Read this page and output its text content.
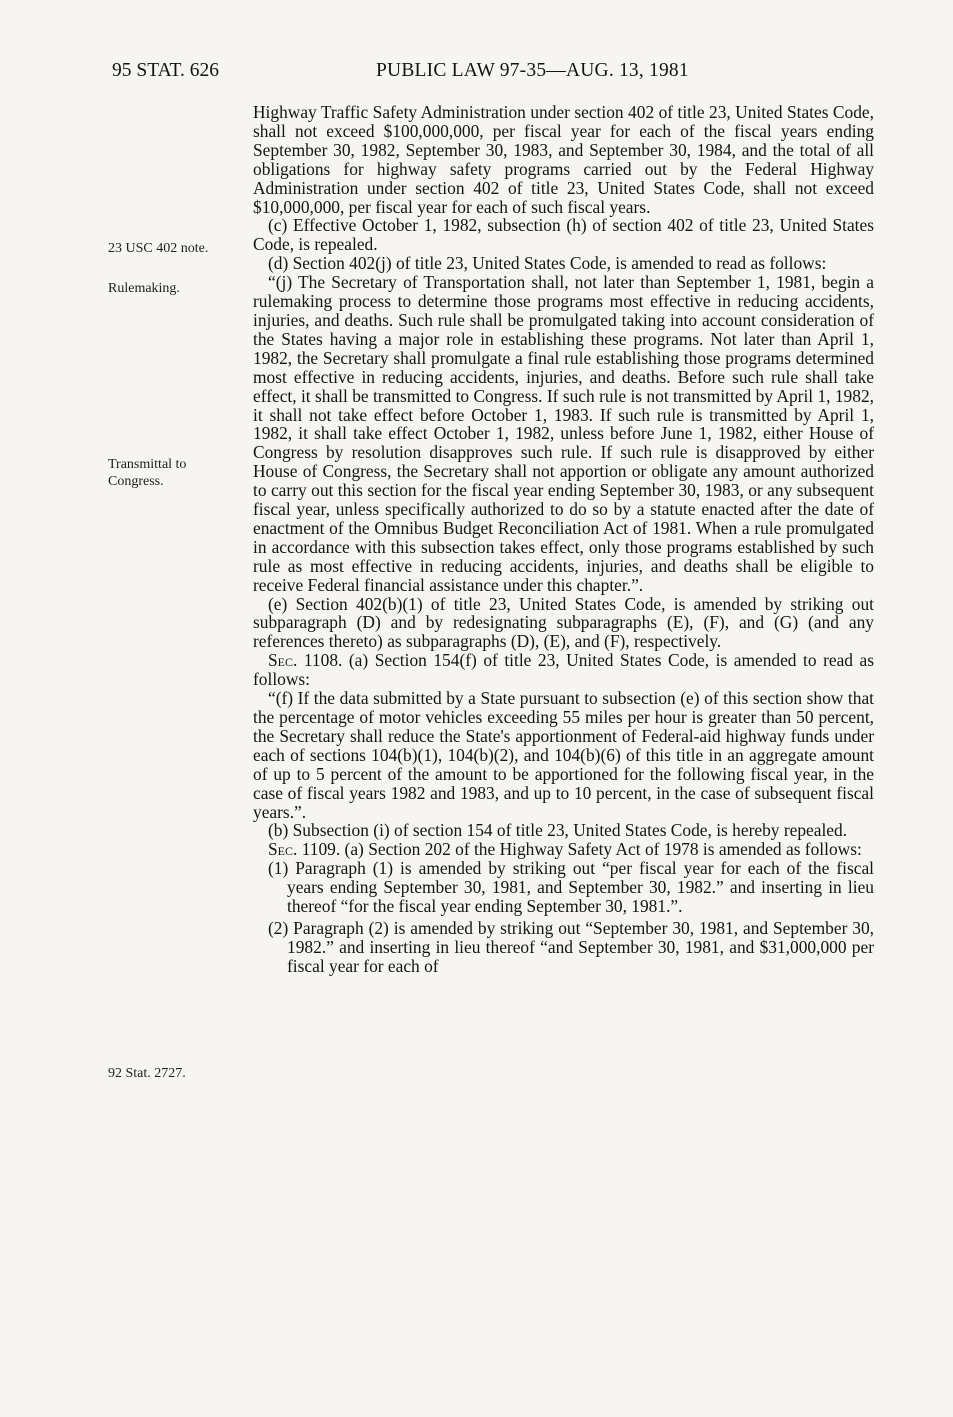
95 STAT. 626	PUBLIC LAW 97-35—AUG. 13, 1981
23 USC 402 note.
Rulemaking.
Transmittal to Congress.
92 Stat. 2727.

Highway Traffic Safety Administration under section 402 of title 23, United States Code, shall not exceed $100,000,000, per fiscal year for each of the fiscal years ending September 30, 1982, September 30, 1983, and September 30, 1984, and the total of all obligations for highway safety programs carried out by the Federal Highway Administration under section 402 of title 23, United States Code, shall not exceed $10,000,000, per fiscal year for each of such fiscal years.

(c) Effective October 1, 1982, subsection (h) of section 402 of title 23, United States Code, is repealed.

(d) Section 402(j) of title 23, United States Code, is amended to read as follows:

“(j) The Secretary of Transportation shall, not later than September 1, 1981, begin a rulemaking process to determine those programs most effective in reducing accidents, injuries, and deaths. Such rule shall be promulgated taking into account consideration of the States having a major role in establishing these programs. Not later than April 1, 1982, the Secretary shall promulgate a final rule establishing those programs determined most effective in reducing accidents, injuries, and deaths. Before such rule shall take effect, it shall be transmitted to Congress. If such rule is not transmitted by April 1, 1982, it shall not take effect before October 1, 1983. If such rule is transmitted by April 1, 1982, it shall take effect October 1, 1982, unless before June 1, 1982, either House of Congress by resolution disapproves such rule. If such rule is disapproved by either House of Congress, the Secretary shall not apportion or obligate any amount authorized to carry out this section for the fiscal year ending September 30, 1983, or any subsequent fiscal year, unless specifically authorized to do so by a statute enacted after the date of enactment of the Omnibus Budget Reconciliation Act of 1981. When a rule promulgated in accordance with this subsection takes effect, only those programs established by such rule as most effective in reducing accidents, injuries, and deaths shall be eligible to receive Federal financial assistance under this chapter.”.

(e) Section 402(b)(1) of title 23, United States Code, is amended by striking out subparagraph (D) and by redesignating subparagraphs (E), (F), and (G) (and any references thereto) as subparagraphs (D), (E), and (F), respectively.

Sec. 1108. (a) Section 154(f) of title 23, United States Code, is amended to read as follows:

“(f) If the data submitted by a State pursuant to subsection (e) of this section show that the percentage of motor vehicles exceeding 55 miles per hour is greater than 50 percent, the Secretary shall reduce the State's apportionment of Federal-aid highway funds under each of sections 104(b)(1), 104(b)(2), and 104(b)(6) of this title in an aggregate amount of up to 5 percent of the amount to be apportioned for the following fiscal year, in the case of fiscal years 1982 and 1983, and up to 10 percent, in the case of subsequent fiscal years.”.

(b) Subsection (i) of section 154 of title 23, United States Code, is hereby repealed.

Sec. 1109. (a) Section 202 of the Highway Safety Act of 1978 is amended as follows:

(1) Paragraph (1) is amended by striking out “per fiscal year for each of the fiscal years ending September 30, 1981, and September 30, 1982.” and inserting in lieu thereof “for the fiscal year ending September 30, 1981.”.

(2) Paragraph (2) is amended by striking out “September 30, 1981, and September 30, 1982.” and inserting in lieu thereof “and September 30, 1981, and $31,000,000 per fiscal year for each of
